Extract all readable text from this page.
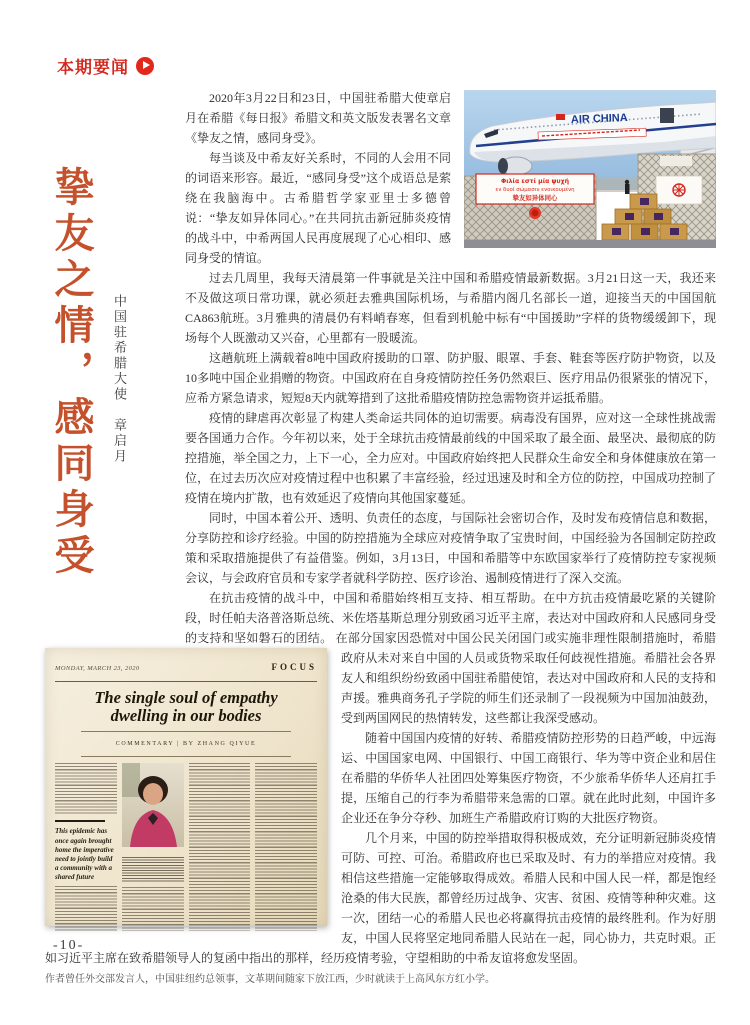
本期要闻
挚友之情，感同身受 中国驻希腊大使　章启月
AIR CHINA
Φιλία εστί μία ψυχή
εν δυοί σώμασιν ενοικουμένη
挚友如异体同心

2020年3月22日和23日，中国驻希腊大使章启月在希腊《每日报》希腊文和英文版发表署名文章《挚友之情，感同身受》。

每当谈及中希友好关系时，不同的人会用不同的词语来形容。最近，“感同身受”这个成语总是萦绕在我脑海中。古希腊哲学家亚里士多德曾说：“挚友如异体同心。”在共同抗击新冠肺炎疫情的战斗中，中希两国人民再度展现了心心相印、感同身受的情谊。

过去几周里，我每天清晨第一件事就是关注中国和希腊疫情最新数据。3月21日这一天，我还来不及做这项日常功课，就必须赶去雅典国际机场，与希腊内阁几名部长一道，迎接当天的中国国航CA863航班。3月雅典的清晨仍有料峭春寒，但看到机舱中标有“中国援助”字样的货物缓缓卸下，现场每个人既激动又兴奋，心里都有一股暖流。

这趟航班上满载着8吨中国政府援助的口罩、防护服、眼罩、手套、鞋套等医疗防护物资，以及10多吨中国企业捐赠的物资。中国政府在自身疫情防控任务仍然艰巨、医疗用品仍很紧张的情况下，应希方紧急请求，短短8天内就筹措到了这批希腊疫情防控急需物资并运抵希腊。

疫情的肆虐再次彰显了构建人类命运共同体的迫切需要。病毒没有国界，应对这一全球性挑战需要各国通力合作。今年初以来，处于全球抗击疫情最前线的中国采取了最全面、最坚决、最彻底的防控措施，举全国之力，上下一心，全力应对。中国政府始终把人民群众生命安全和身体健康放在第一位，在过去历次应对疫情过程中也积累了丰富经验，经过迅速及时和全方位的防控，中国成功控制了疫情在境内扩散，也有效延迟了疫情向其他国家蔓延。

同时，中国本着公开、透明、负责任的态度，与国际社会密切合作，及时发布疫情信息和数据，分享防控和诊疗经验。中国的防控措施为全球应对疫情争取了宝贵时间，中国经验为各国制定防控政策和采取措施提供了有益借鉴。例如，3月13日，中国和希腊等中东欧国家举行了疫情防控专家视频会议，与会政府官员和专家学者就科学防控、医疗诊治、遏制疫情进行了深入交流。

在抗击疫情的战斗中，中国和希腊始终相互支持、相互帮助。在中方抗击疫情最吃紧的关键阶段，时任帕夫洛普洛斯总统、米佐塔基斯总理分别致函习近平主席，表达对中国政府和人民感同身受的支持和坚如磐石的团结。
MONDAY, MARCH 23, 2020	FOCUS
The single soul of empathy
dwelling in our bodies
COMMENTARY | BY ZHANG QIYUE
This epidemic has once again brought home the imperative need to jointly build a community with a shared future
在部分国家因恐慌对中国公民关闭国门或实施非理性限制措施时，希腊政府从未对来自中国的人员或货物采取任何歧视性措施。希腊社会各界友人和组织纷纷致函中国驻希腊使馆，表达对中国政府和人民的支持和声援。雅典商务孔子学院的师生们还录制了一段视频为中国加油鼓劲，受到两国网民的热情转发，这些都让我深受感动。

随着中国国内疫情的好转、希腊疫情防控形势的日趋严峻，中远海运、中国国家电网、中国银行、中国工商银行、华为等中资企业和居住在希腊的华侨华人社团四处筹集医疗物资，不少旅希华侨华人还肩扛手提，压缩自己的行李为希腊带来急需的口罩。就在此时此刻，中国许多企业还在争分夺秒、加班生产希腊政府订购的大批医疗物资。

几个月来，中国的防控举措取得积极成效，充分证明新冠肺炎疫情可防、可控、可治。希腊政府也已采取及时、有力的举措应对疫情。我相信这些措施一定能够取得成效。希腊人民和中国人民一样，都是饱经沧桑的伟大民族，都曾经历过战争、灾害、贫困、疫情等种种灾难。这一次，团结一心的希腊人民也必将赢得抗击疫情的最终胜利。作为好朋友，中国人民将坚定地同希腊人民站在一起，同心协力，共克时艰。正如习近平主席在致希腊领导人的复函中指出的那样，经历疫情考验，守望相助的中希友谊将愈发坚固。

作者曾任外交部发言人，中国驻纽约总领事，文革期间随家下放江西，少时就读于上高风东方红小学。

-10-
